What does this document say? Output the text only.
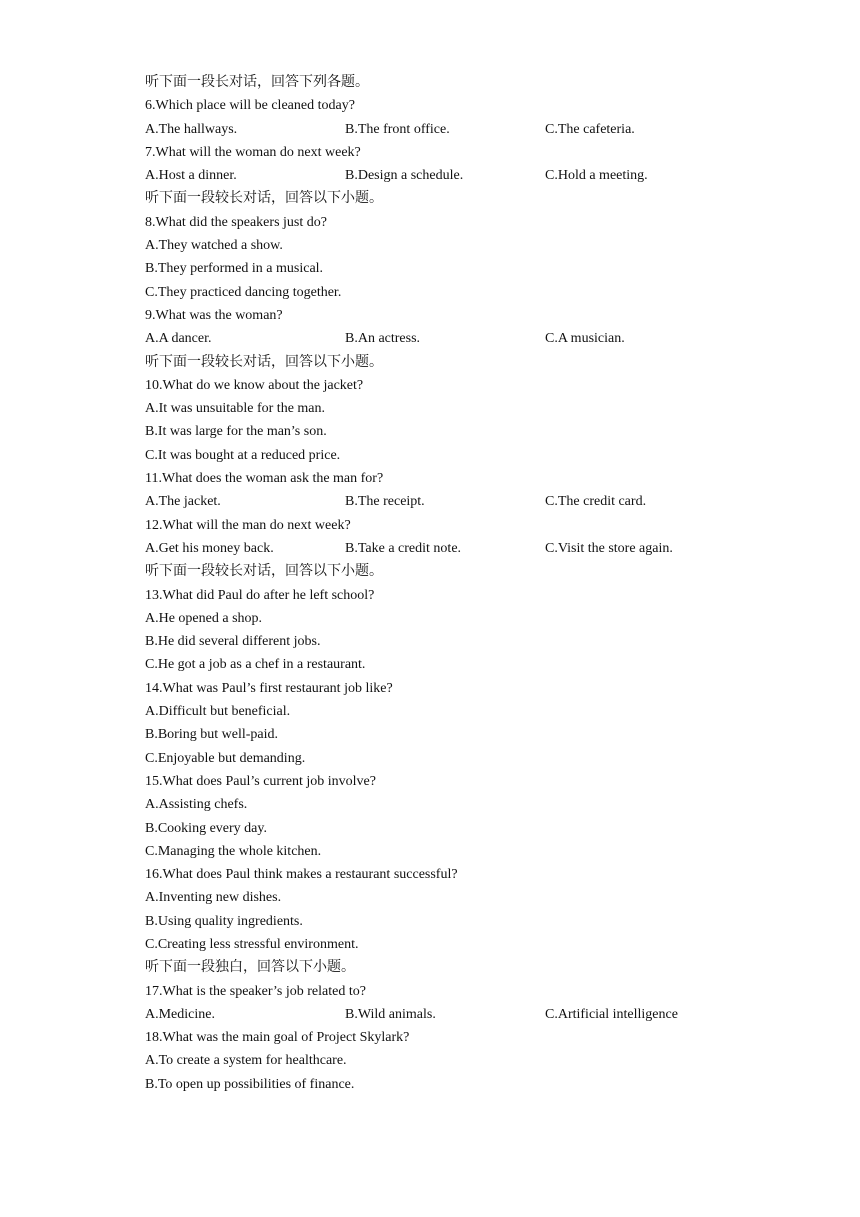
听下面一段长对话，回答下列各题。
6.Which place will be cleaned today?
A.The hallways.	B.The front office.	C.The cafeteria.
7.What will the woman do next week?
A.Host a dinner.	B.Design a schedule.	C.Hold a meeting.
听下面一段较长对话，回答以下小题。
8.What did the speakers just do?
A.They watched a show.
B.They performed in a musical.
C.They practiced dancing together.
9.What was the woman?
A.A dancer.	B.An actress.	C.A musician.
听下面一段较长对话，回答以下小题。
10.What do we know about the jacket?
A.It was unsuitable for the man.
B.It was large for the man’s son.
C.It was bought at a reduced price.
11.What does the woman ask the man for?
A.The jacket.	B.The receipt.	C.The credit card.
12.What will the man do next week?
A.Get his money back.	B.Take a credit note.	C.Visit the store again.
听下面一段较长对话，回答以下小题。
13.What did Paul do after he left school?
A.He opened a shop.
B.He did several different jobs.
C.He got a job as a chef in a restaurant.
14.What was Paul’s first restaurant job like?
A.Difficult but beneficial.
B.Boring but well-paid.
C.Enjoyable but demanding.
15.What does Paul’s current job involve?
A.Assisting chefs.
B.Cooking every day.
C.Managing the whole kitchen.
16.What does Paul think makes a restaurant successful?
A.Inventing new dishes.
B.Using quality ingredients.
C.Creating less stressful environment.
听下面一段独白，回答以下小题。
17.What is the speaker’s job related to?
A.Medicine.	B.Wild animals.	C.Artificial intelligence
18.What was the main goal of Project Skylark?
A.To create a system for healthcare.
B.To open up possibilities of finance.
